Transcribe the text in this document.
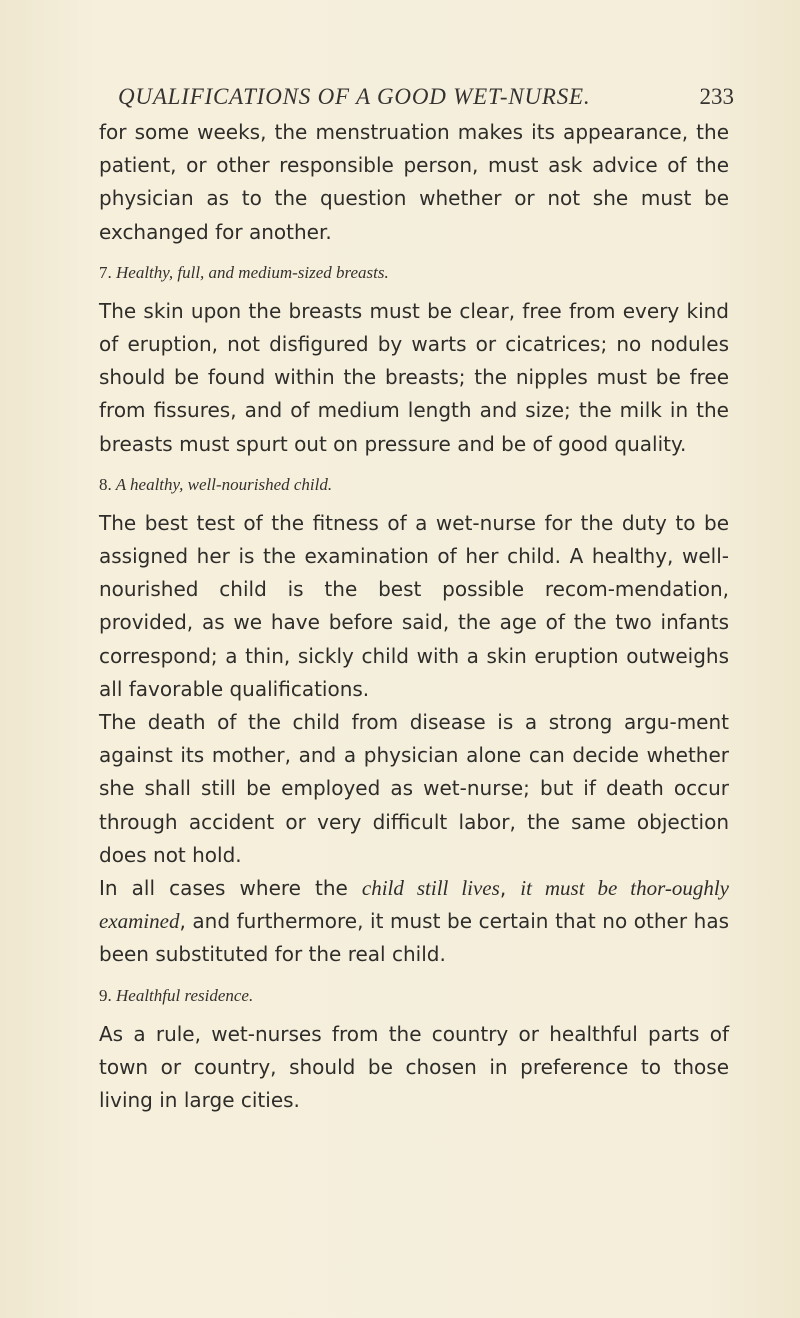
QUALIFICATIONS OF A GOOD WET-NURSE.	233

for some weeks, the menstruation makes its appearance, the patient, or other responsible person, must ask advice of the physician as to the question whether or not she must be exchanged for another.

7. Healthy, full, and medium-sized breasts.

The skin upon the breasts must be clear, free from every kind of eruption, not disfigured by warts or cicatrices; no nodules should be found within the breasts; the nipples must be free from fissures, and of medium length and size; the milk in the breasts must spurt out on pressure and be of good quality.

8. A healthy, well-nourished child.

The best test of the fitness of a wet-nurse for the duty to be assigned her is the examination of her child. A healthy, well-nourished child is the best possible recom-mendation, provided, as we have before said, the age of the two infants correspond; a thin, sickly child with a skin eruption outweighs all favorable qualifications.

The death of the child from disease is a strong argu-ment against its mother, and a physician alone can decide whether she shall still be employed as wet-nurse; but if death occur through accident or very difficult labor, the same objection does not hold.

In all cases where the child still lives, it must be thor-oughly examined, and furthermore, it must be certain that no other has been substituted for the real child.

9. Healthful residence.

As a rule, wet-nurses from the country or healthful parts of town or country, should be chosen in preference to those living in large cities.
